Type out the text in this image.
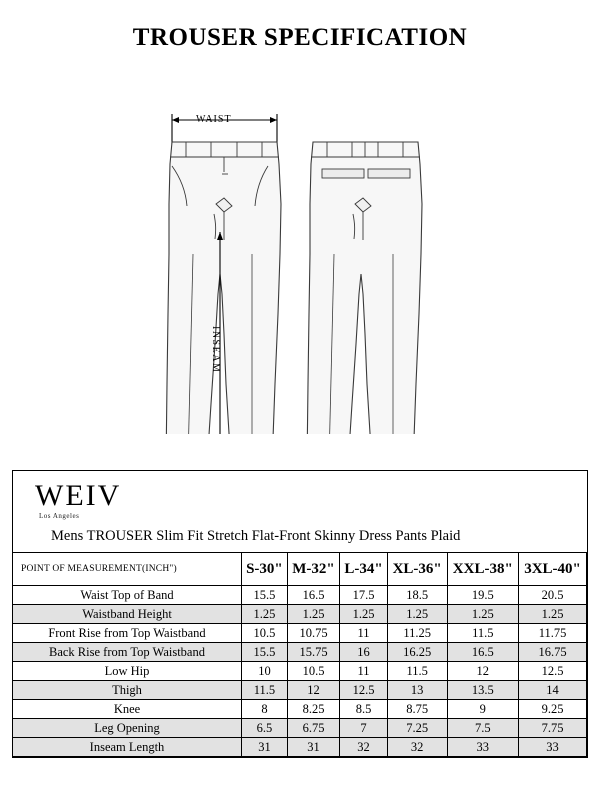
TROUSER SPECIFICATION
WAIST
INSEAM
WEIV
Los Angeles
Mens TROUSER Slim Fit Stretch Flat-Front Skinny Dress Pants Plaid
POINT OF MEASUREMENT(INCH")	S-30"	M-32"	L-34"	XL-36"	XXL-38"	3XL-40"
Waist Top of Band	15.5	16.5	17.5	18.5	19.5	20.5
Waistband Height	1.25	1.25	1.25	1.25	1.25	1.25
Front Rise from Top Waistband	10.5	10.75	11	11.25	11.5	11.75
Back Rise from Top Waistband	15.5	15.75	16	16.25	16.5	16.75
Low Hip	10	10.5	11	11.5	12	12.5
Thigh	11.5	12	12.5	13	13.5	14
Knee	8	8.25	8.5	8.75	9	9.25
Leg Opening	6.5	6.75	7	7.25	7.5	7.75
Inseam Length	31	31	32	32	33	33
